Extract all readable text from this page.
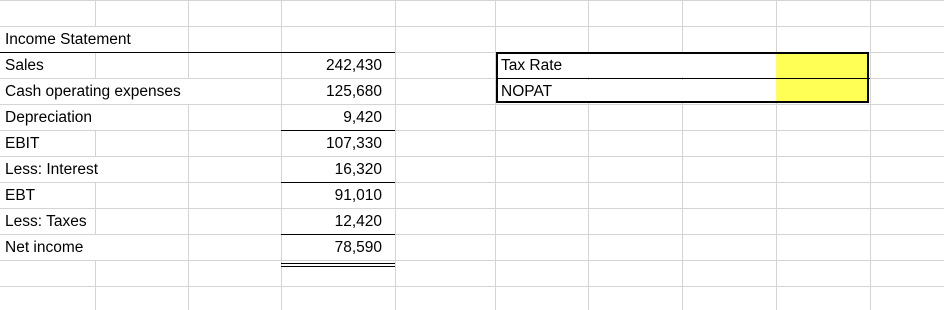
Income Statement
Sales
Cash operating expenses
Depreciation
EBIT
Less: Interest
EBT
Less: Taxes
Net income
242,430
125,680
9,420
107,330
16,320
91,010
12,420
78,590
Tax Rate
NOPAT
